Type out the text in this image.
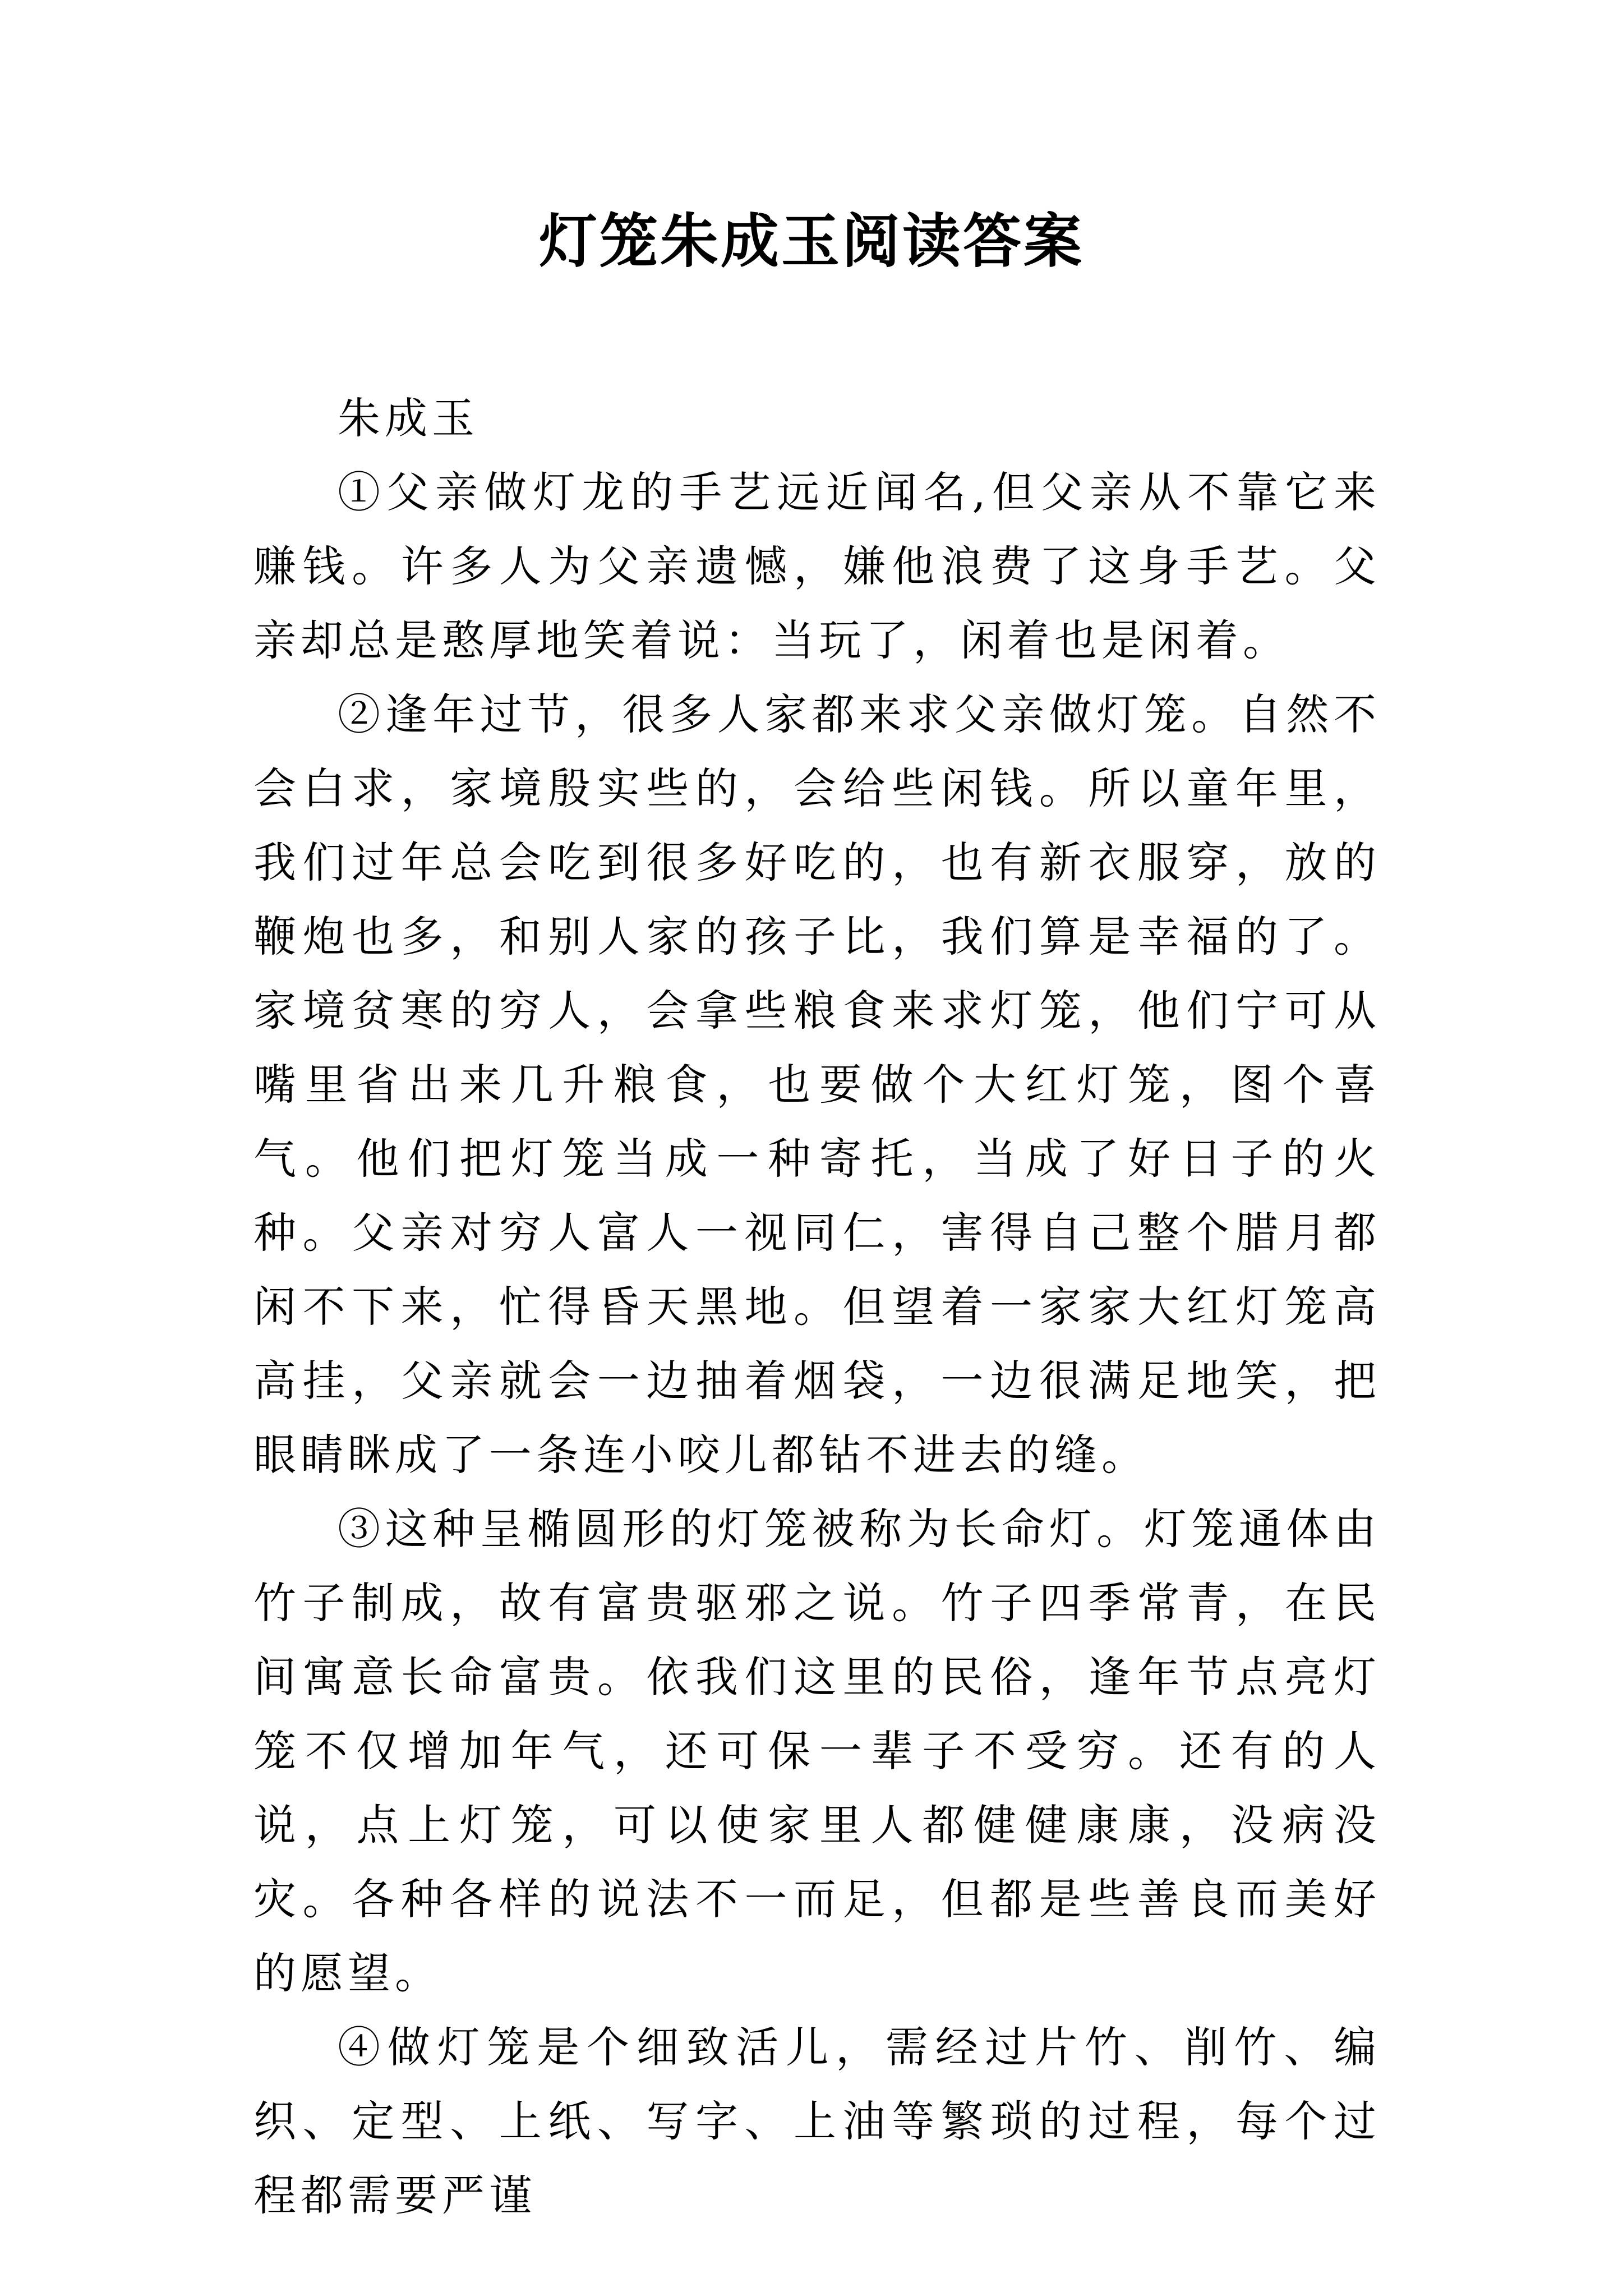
灯笼朱成玉阅读答案

朱成玉

①父亲做灯龙的手艺远近闻名,但父亲从不靠它来赚钱。许多人为父亲遗憾，嫌他浪费了这身手艺。父亲却总是憨厚地笑着说：当玩了，闲着也是闲着。

②逢年过节，很多人家都来求父亲做灯笼。自然不会白求，家境殷实些的，会给些闲钱。所以童年里，我们过年总会吃到很多好吃的，也有新衣服穿，放的鞭炮也多，和别人家的孩子比，我们算是幸福的了。家境贫寒的穷人，会拿些粮食来求灯笼，他们宁可从嘴里省出来几升粮食，也要做个大红灯笼，图个喜气。他们把灯笼当成一种寄托，当成了好日子的火种。父亲对穷人富人一视同仁，害得自己整个腊月都闲不下来，忙得昏天黑地。但望着一家家大红灯笼高高挂，父亲就会一边抽着烟袋，一边很满足地笑，把眼睛眯成了一条连小咬儿都钻不进去的缝。

③这种呈椭圆形的灯笼被称为长命灯。灯笼通体由竹子制成，故有富贵驱邪之说。竹子四季常青，在民间寓意长命富贵。依我们这里的民俗，逢年节点亮灯笼不仅增加年气，还可保一辈子不受穷。还有的人说，点上灯笼，可以使家里人都健健康康，没病没灾。各种各样的说法不一而足，但都是些善良而美好的愿望。

④做灯笼是个细致活儿，需经过片竹、削竹、编织、定型、上纸、写字、上油等繁琐的过程，每个过程都需要严谨
